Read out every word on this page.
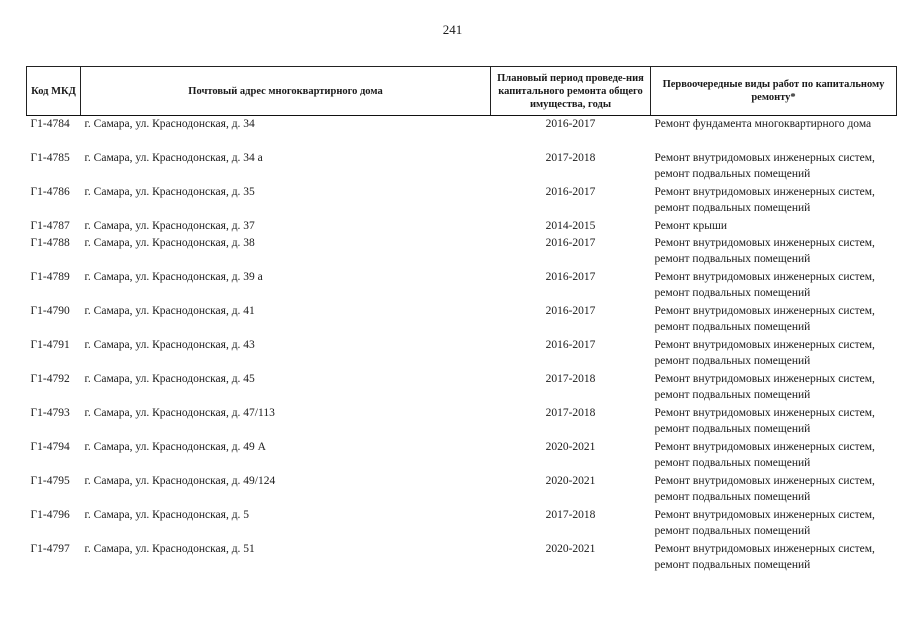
241
Код МКД	Почтовый адрес многоквартирного дома	Плановый период проведе-ния капитального ремонта общего имущества, годы	Первоочередные виды работ по капитальному ремонту*
Г1-4784	г. Самара, ул. Краснодонская, д. 34	2016-2017	Ремонт фундамента многоквартирного дома

Г1-4785	г. Самара, ул. Краснодонская, д. 34 а	2017-2018	Ремонт внутридомовых инженерных систем,
ремонт подвальных помещений

Г1-4786	г. Самара, ул. Краснодонская, д. 35	2016-2017	Ремонт внутридомовых инженерных систем,
ремонт подвальных помещений

Г1-4787	г. Самара, ул. Краснодонская, д. 37	2014-2015	Ремонт крыши

Г1-4788	г. Самара, ул. Краснодонская, д. 38	2016-2017	Ремонт внутридомовых инженерных систем,
ремонт подвальных помещений

Г1-4789	г. Самара, ул. Краснодонская, д. 39 а	2016-2017	Ремонт внутридомовых инженерных систем,
ремонт подвальных помещений

Г1-4790	г. Самара, ул. Краснодонская, д. 41	2016-2017	Ремонт внутридомовых инженерных систем,
ремонт подвальных помещений

Г1-4791	г. Самара, ул. Краснодонская, д. 43	2016-2017	Ремонт внутридомовых инженерных систем,
ремонт подвальных помещений

Г1-4792	г. Самара, ул. Краснодонская, д. 45	2017-2018	Ремонт внутридомовых инженерных систем,
ремонт подвальных помещений

Г1-4793	г. Самара, ул. Краснодонская, д. 47/113	2017-2018	Ремонт внутридомовых инженерных систем,
ремонт подвальных помещений

Г1-4794	г. Самара, ул. Краснодонская, д. 49 А	2020-2021	Ремонт внутридомовых инженерных систем,
ремонт подвальных помещений

Г1-4795	г. Самара, ул. Краснодонская, д. 49/124	2020-2021	Ремонт внутридомовых инженерных систем,
ремонт подвальных помещений

Г1-4796	г. Самара, ул. Краснодонская, д. 5	2017-2018	Ремонт внутридомовых инженерных систем,
ремонт подвальных помещений

Г1-4797	г. Самара, ул. Краснодонская, д. 51	2020-2021	Ремонт внутридомовых инженерных систем,
ремонт подвальных помещений
